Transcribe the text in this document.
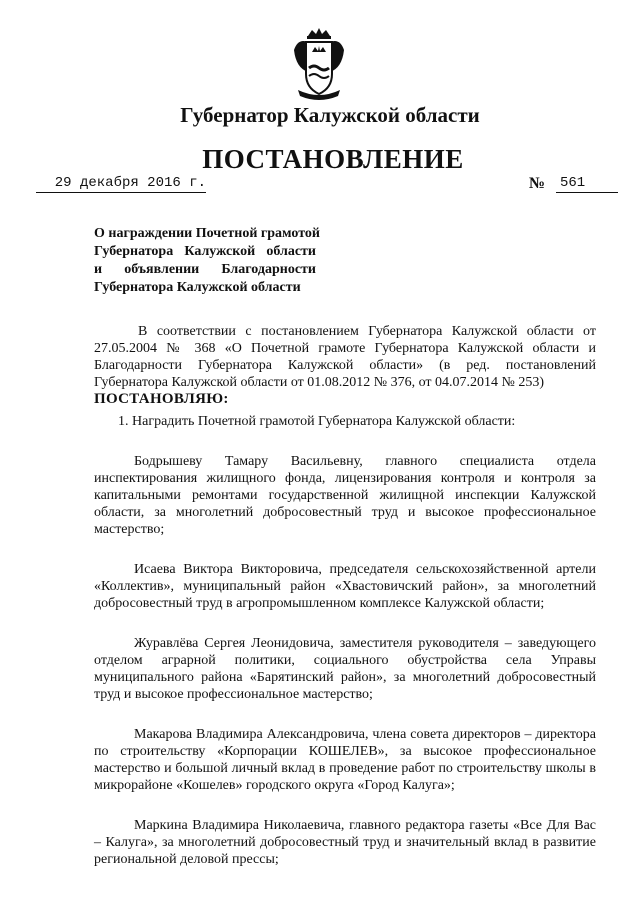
Губернатор Калужской области
ПОСТАНОВЛЕНИЕ
29 декабря 2016 г.	№ 561
О награждении Почетной грамотой
Губернатора Калужской области
и объявлении Благодарности
Губернатора Калужской области

В соответствии с постановлением Губернатора Калужской области от 27.05.2004 № 368 «О Почетной грамоте Губернатора Калужской области и Благодарности Губернатора Калужской области» (в ред. постановлений Губернатора Калужской области от 01.08.2012 № 376, от 04.07.2014 № 253)

ПОСТАНОВЛЯЮ:

1. Наградить Почетной грамотой Губернатора Калужской области:

Бодрышеву Тамару Васильевну, главного специалиста отдела инспектирования жилищного фонда, лицензирования контроля и контроля за капитальными ремонтами государственной жилищной инспекции Калужской области, за многолетний добросовестный труд и высокое профессиональное мастерство;

Исаева Виктора Викторовича, председателя сельскохозяйственной артели «Коллектив», муниципальный район «Хвастовичский район», за многолетний добросовестный труд в агропромышленном комплексе Калужской области;

Журавлёва Сергея Леонидовича, заместителя руководителя – заведующего отделом аграрной политики, социального обустройства села Управы муниципального района «Барятинский район», за многолетний добросовестный труд и высокое профессиональное мастерство;

Макарова Владимира Александровича, члена совета директоров – директора по строительству «Корпорации КОШЕЛЕВ», за высокое профессиональное мастерство и большой личный вклад в проведение работ по строительству школы в микрорайоне «Кошелев» городского округа «Город Калуга»;

Маркина Владимира Николаевича, главного редактора газеты «Все Для Вас – Калуга», за многолетний добросовестный труд и значительный вклад в развитие региональной деловой прессы;
